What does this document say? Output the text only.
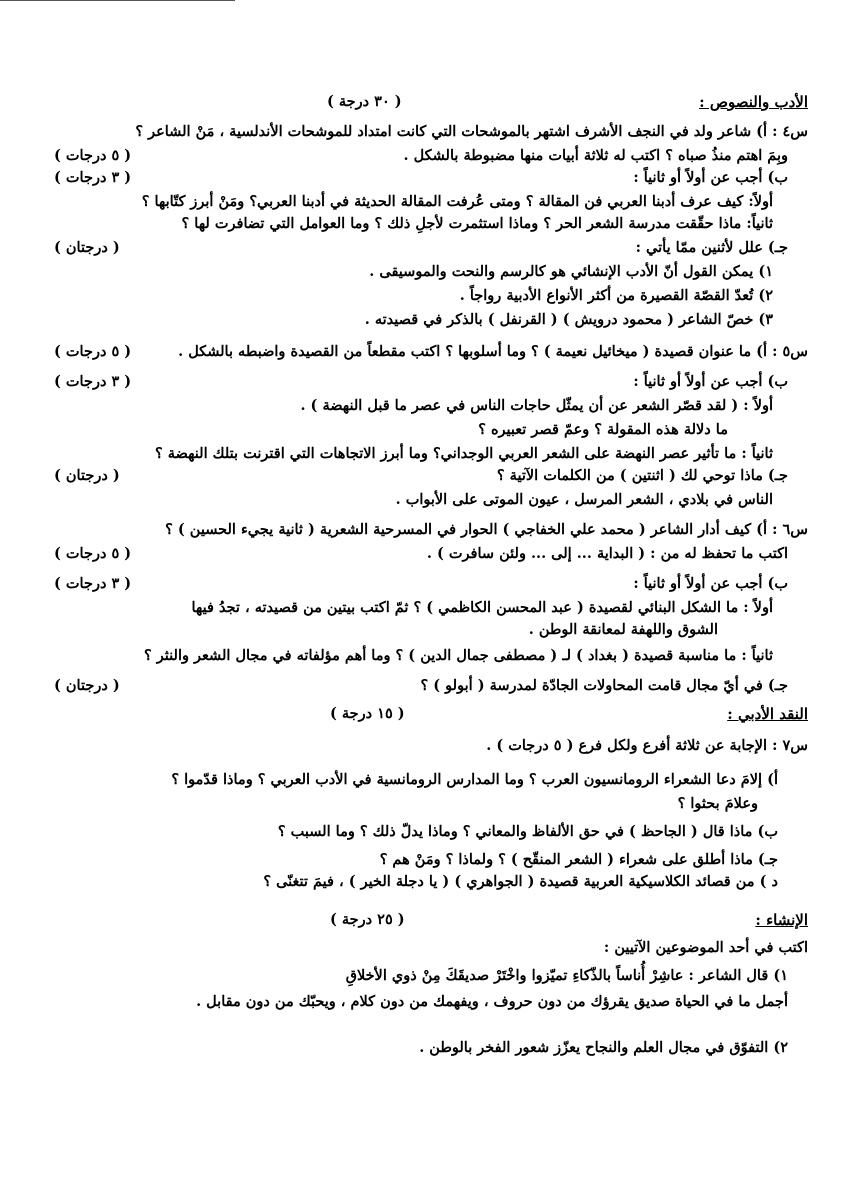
الأدب والنصوص :
( ٣٠ درجة )
النقد الأدبي :
( ١٥ درجة )
الإنشاء :
( ٢٥ درجة )
س٤ : أ) شاعر ولد في النجف الأشرف اشتهر بالموشحات التي كانت امتداد للموشحات الأندلسية ، مَنْ الشاعر ؟
وبِمَ اهتم منذُ صباه ؟ اكتب له ثلاثة أبيات منها مضبوطة بالشكل .
( ٥ درجات )
ب) أجب عن أولاً أو ثانياً :
( ٣ درجات )
أولاً: كيف عرف أدبنا العربي فن المقالة ؟ ومتى عُرفت المقالة الحديثة في أدبنا العربي؟ ومَنْ أبرز كتّابها ؟
ثانياً: ماذا حقّقت مدرسة الشعر الحر ؟ وماذا استثمرت لأجلِ ذلك ؟ وما العوامل التي تضافرت لها ؟
جـ) علل لأثنين ممّا يأتي :
( درجتان )
١) يمكن القول أنّ الأدب الإنشائي هو كالرسم والنحت والموسيقى .
٢) تُعدّ القصّة القصيرة من أكثر الأنواع الأدبية رواجاً .
٣) خصّ الشاعر ( محمود درويش ) ( القرنفل ) بالذكر في قصيدته .
س٥ : أ) ما عنوان قصيدة ( ميخائيل نعيمة ) ؟ وما أسلوبها ؟ اكتب مقطعاً من القصيدة واضبطه بالشكل .
( ٥ درجات )
ب) أجب عن أولاً أو ثانياً :
( ٣ درجات )
أولاً : ( لقد قصّر الشعر عن أن يمثّل حاجات الناس في عصر ما قبل النهضة ) .
ما دلالة هذه المقولة ؟ وعمّ قصر تعبيره ؟
ثانياً : ما تأثير عصر النهضة على الشعر العربي الوجداني؟ وما أبرز الاتجاهات التي اقترنت بتلك النهضة ؟
جـ) ماذا توحي لك ( اثنتين ) من الكلمات الآتية ؟
( درجتان )
الناس في بلادي ، الشعر المرسل ، عيون الموتى على الأبواب .
س٦ : أ) كيف أدار الشاعر ( محمد علي الخفاجي ) الحوار في المسرحية الشعرية ( ثانية يجيء الحسين ) ؟
اكتب ما تحفظ له من : ( البداية ... إلى ... ولئن سافرت ) .
( ٥ درجات )
ب) أجب عن أولاً أو ثانياً :
( ٣ درجات )
أولاً : ما الشكل البنائي لقصيدة ( عبد المحسن الكاظمي ) ؟ ثمّ اكتب بيتين من قصيدته ، تجدُ فيها
الشوق واللهفة لمعانقة الوطن .
ثانياً : ما مناسبة قصيدة ( بغداد ) لـ ( مصطفى جمال الدين ) ؟ وما أهم مؤلفاته في مجال الشعر والنثر ؟
جـ) في أيّ مجال قامت المحاولات الجادّة لمدرسة ( أبولو ) ؟
( درجتان )
س٧ : الإجابة عن ثلاثة أفرع ولكل فرع ( ٥ درجات ) .
أ) إلامَ دعا الشعراء الرومانسيون العرب ؟ وما المدارس الرومانسية في الأدب العربي ؟ وماذا قدّموا ؟
وعلامَ بحثوا ؟
ب) ماذا قال ( الجاحظ ) في حق الألفاظ والمعاني ؟ وماذا يدلّ ذلك ؟ وما السبب ؟
جـ) ماذا أطلق على شعراء ( الشعر المنقّح ) ؟ ولماذا ؟ ومَنْ هم ؟
د ) من قصائد الكلاسيكية العربية قصيدة ( الجواهري ) ( يا دجلة الخير ) ، فيمَ تتغنّى ؟
اكتب في أحد الموضوعين الآتيين :
١) قال الشاعر : عاشِرْ أُناساً بالذّكاءِ تميّزوا واخْتَرْ صديقَكَ مِنْ ذوي الأخلاقِ
أجمل ما في الحياة صديق يقرؤك من دون حروف ، ويفهمك من دون كلام ، ويحبّك من دون مقابل .
٢) التفوّق في مجال العلم والنجاح يعزّز شعور الفخر بالوطن .
